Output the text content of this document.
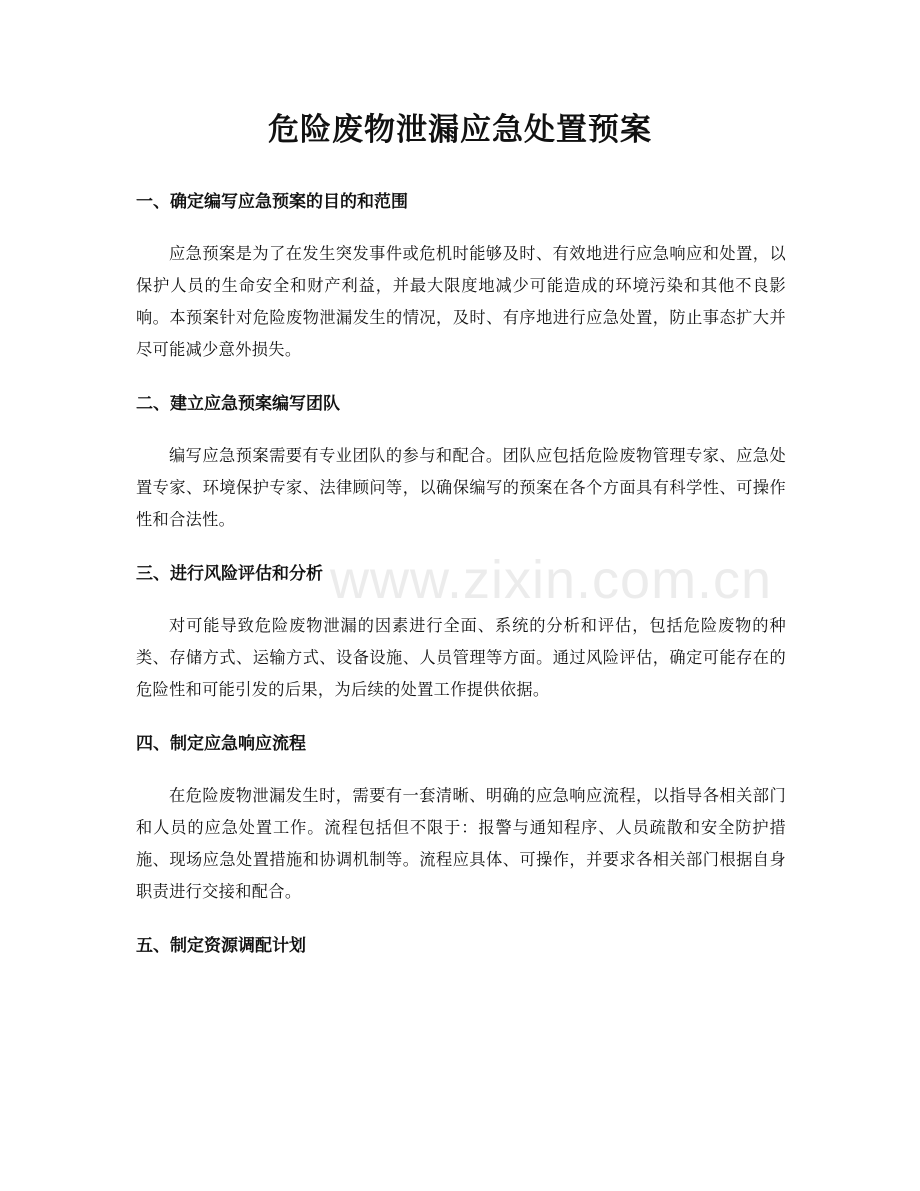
危险废物泄漏应急处置预案
一、确定编写应急预案的目的和范围

应急预案是为了在发生突发事件或危机时能够及时、有效地进行应急响应和处置，以保护人员的生命安全和财产利益，并最大限度地减少可能造成的环境污染和其他不良影响。本预案针对危险废物泄漏发生的情况，及时、有序地进行应急处置，防止事态扩大并尽可能减少意外损失。

二、建立应急预案编写团队

编写应急预案需要有专业团队的参与和配合。团队应包括危险废物管理专家、应急处置专家、环境保护专家、法律顾问等，以确保编写的预案在各个方面具有科学性、可操作性和合法性。

三、进行风险评估和分析

对可能导致危险废物泄漏的因素进行全面、系统的分析和评估，包括危险废物的种类、存储方式、运输方式、设备设施、人员管理等方面。通过风险评估，确定可能存在的危险性和可能引发的后果，为后续的处置工作提供依据。

四、制定应急响应流程

在危险废物泄漏发生时，需要有一套清晰、明确的应急响应流程，以指导各相关部门和人员的应急处置工作。流程包括但不限于：报警与通知程序、人员疏散和安全防护措施、现场应急处置措施和协调机制等。流程应具体、可操作，并要求各相关部门根据自身职责进行交接和配合。

五、制定资源调配计划
www.zixin.com.cn
